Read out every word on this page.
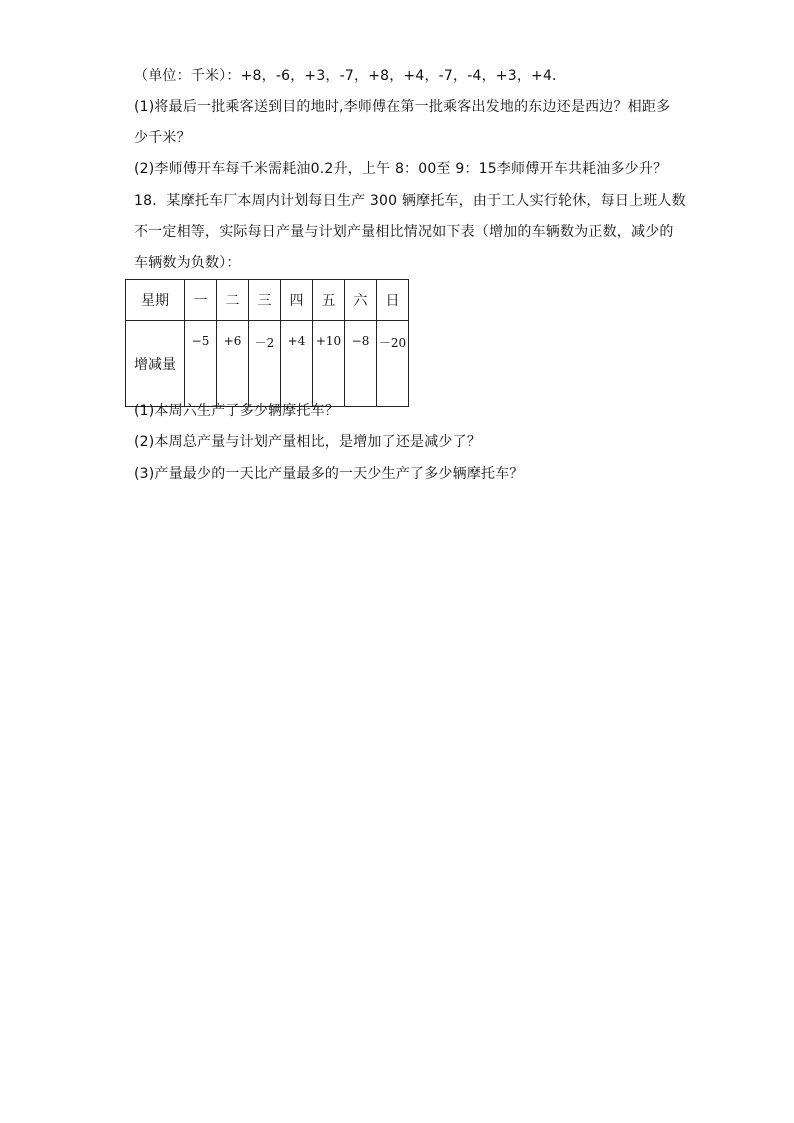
（单位：千米）：+8，-6，+3，-7，+8，+4，-7，-4，+3，+4．
(1)将最后一批乘客送到目的地时,李师傅在第一批乘客出发地的东边还是西边？相距多
少千米？
(2)李师傅开车每千米需耗油0.2升，上午 8：00至 9：15李师傅开车共耗油多少升？
18．某摩托车厂本周内计划每日生产 300 辆摩托车，由于工人实行轮休，每日上班人数
不一定相等，实际每日产量与计划产量相比情况如下表（增加的车辆数为正数，减少的
车辆数为负数）：
星期	一	二	三	四	五	六	日
增减量	−5	+6	－2	+4	+10	−8	－20
(1)本周六生产了多少辆摩托车？
(2)本周总产量与计划产量相比，是增加了还是减少了？
(3)产量最少的一天比产量最多的一天少生产了多少辆摩托车？
